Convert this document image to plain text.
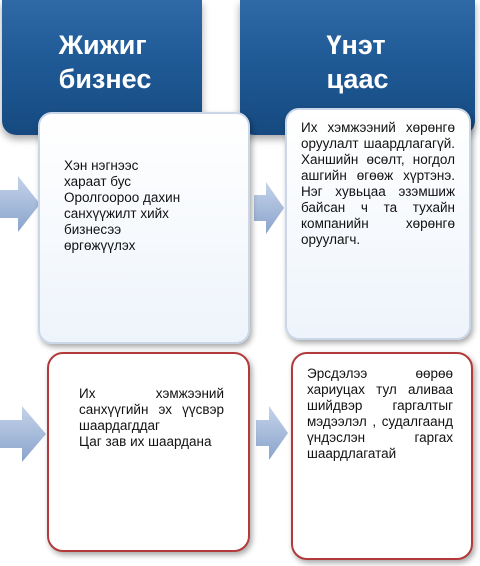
Жижиг
бизнес
Үнэт
цаас
Хэн нэгнээс
хараат бус
Оролгоороо дахин
санхүүжилт хийх
бизнесээ
өргөжүүлэх
Их хэмжээний хөрөнгө оруулалт шаардлагагүй. Ханшийн өсөлт, ногдол ашгийн өгөөж хүртэнэ. Нэг хувьцаа эзэмшиж байсан ч та тухайн компанийн хөрөнгө оруулагч.
Их хэмжээний санхүүгийн эх үүсвэр шаардагддаг
Цаг зав их шаардана
Эрсдэлээ өөрөө хариуцах тул аливаа шийдвэр гаргалтыг мэдээлэл , судалгаанд үндэслэн гаргах шаардлагатай
